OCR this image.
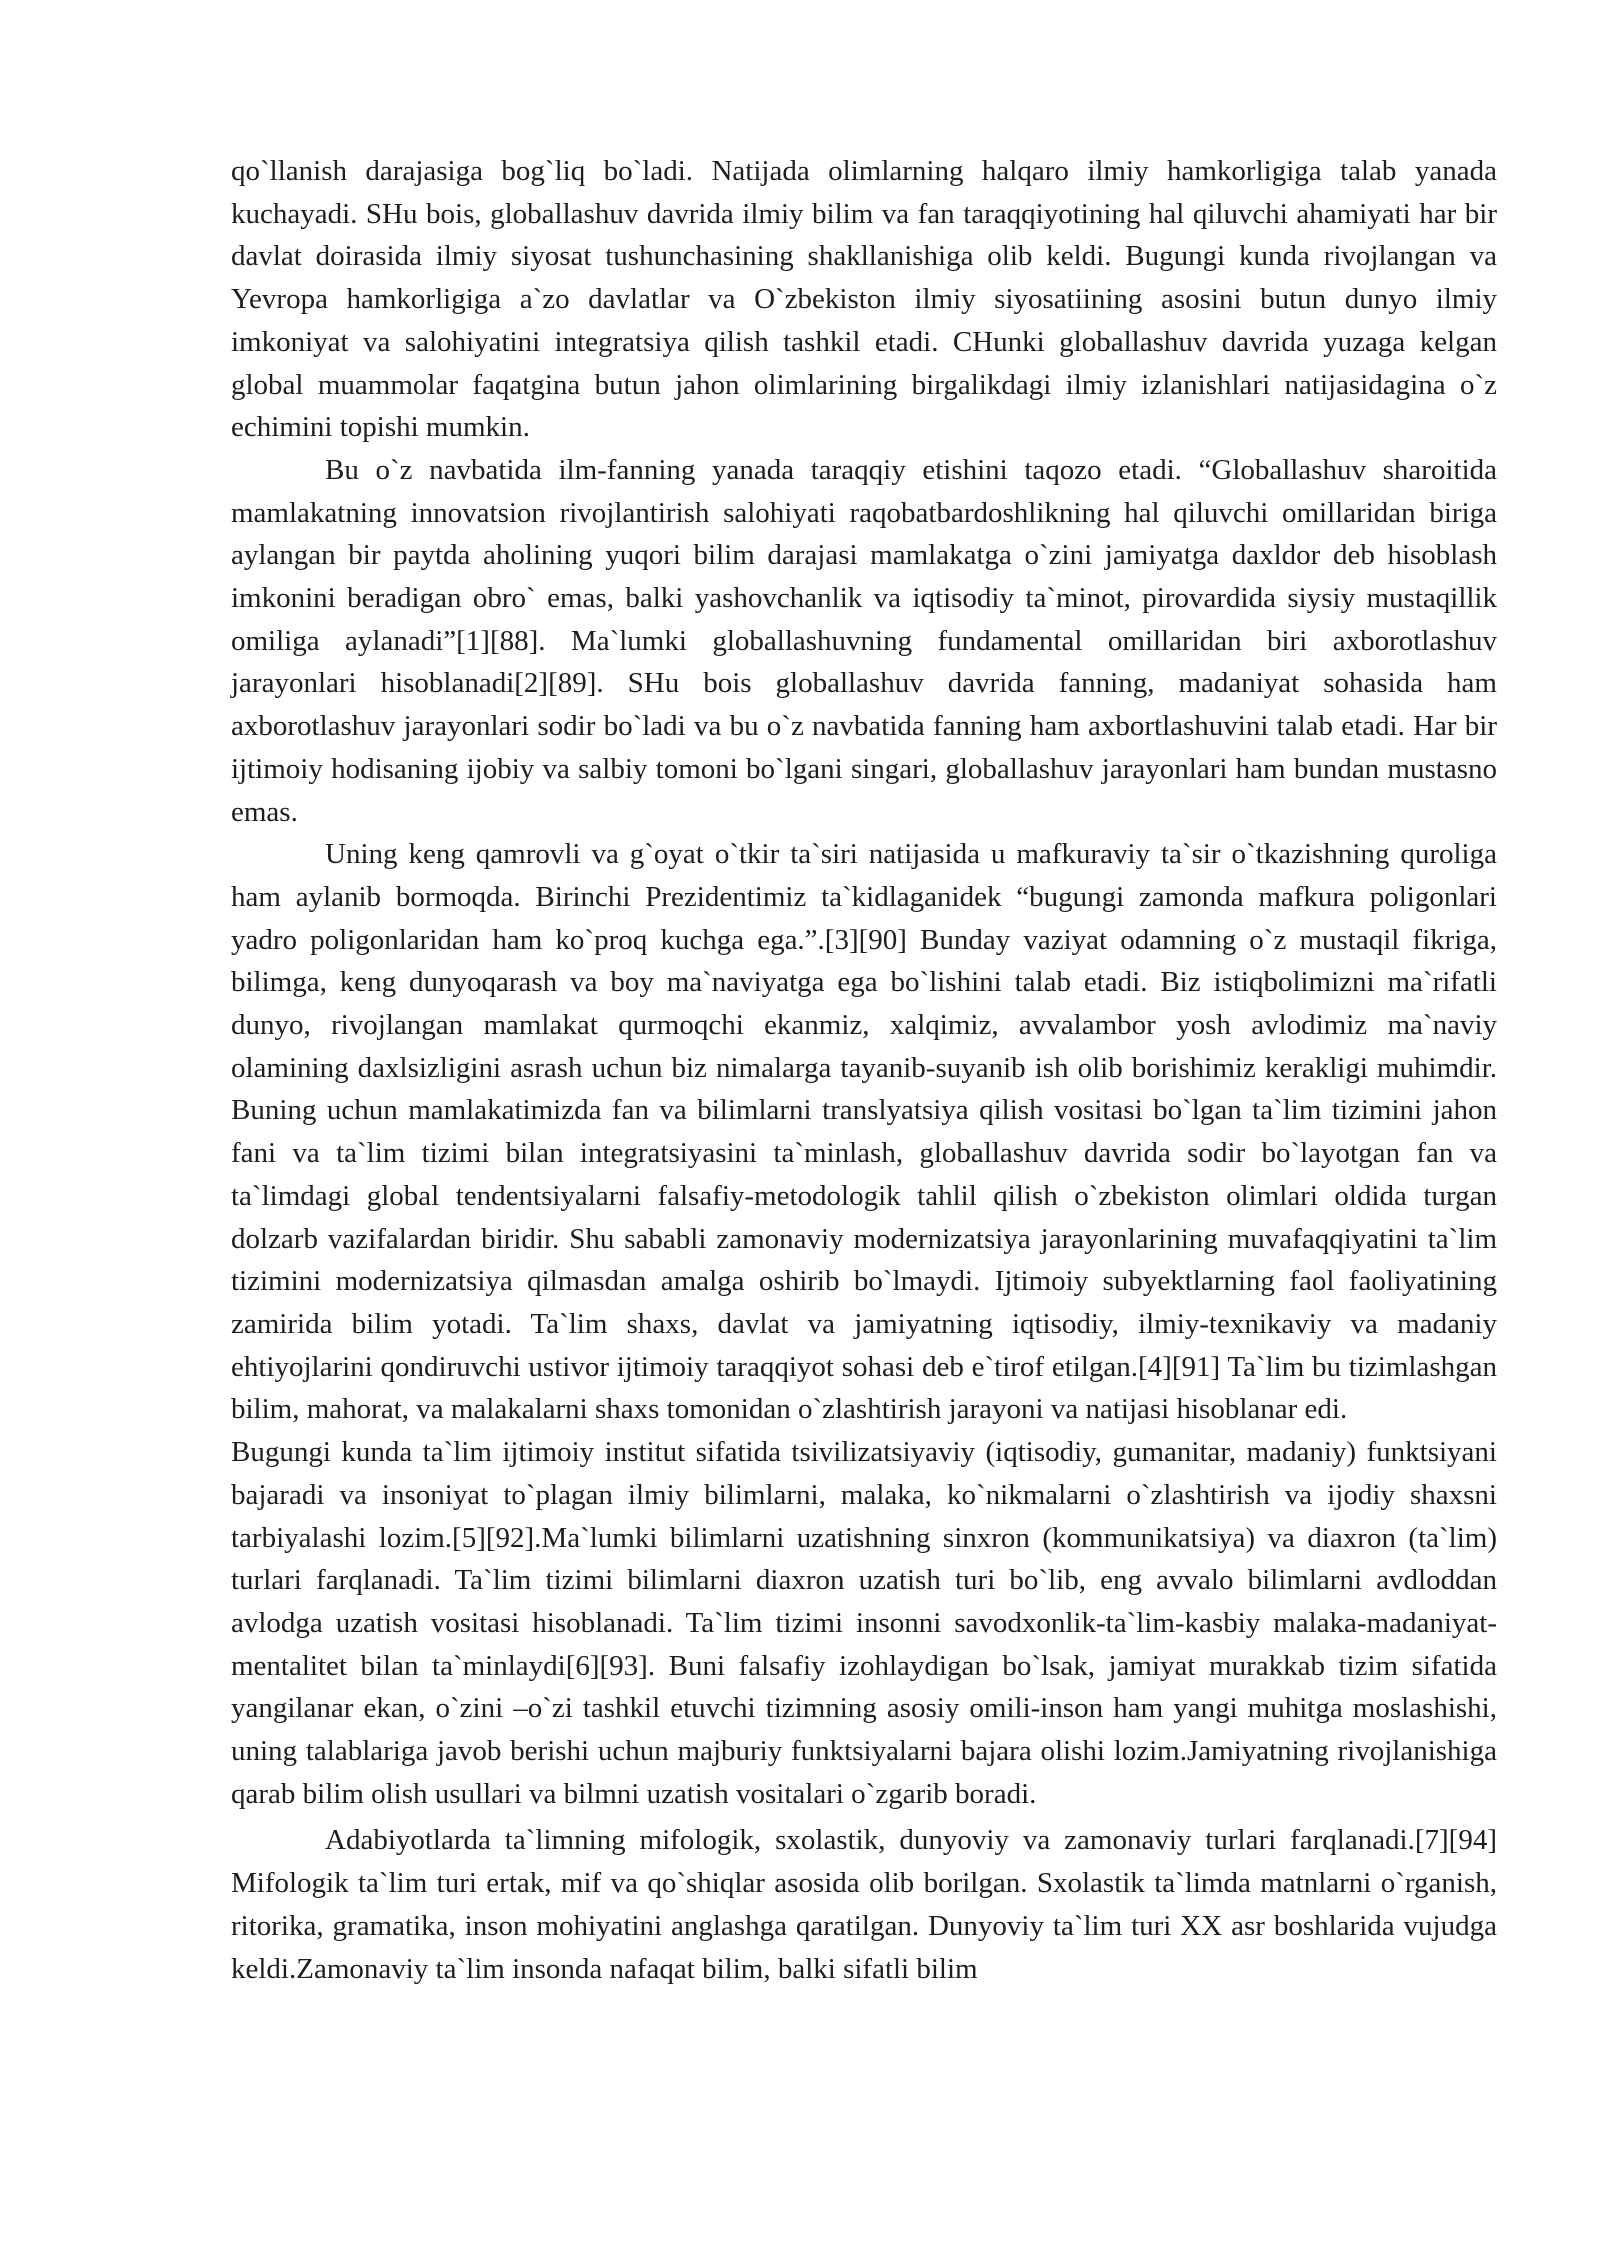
qo`llanish darajasiga bog`liq bo`ladi. Natijada olimlarning halqaro ilmiy hamkorligiga talab yanada kuchayadi. SHu bois, globallashuv davrida ilmiy bilim va fan taraqqiyotining hal qiluvchi ahamiyati har bir davlat doirasida ilmiy siyosat tushunchasining shakllanishiga olib keldi. Bugungi kunda rivojlangan va Yevropa hamkorligiga a`zo davlatlar va O`zbekiston ilmiy siyosatiining asosini butun dunyo ilmiy imkoniyat va salohiyatini integratsiya qilish tashkil etadi. CHunki globallashuv davrida yuzaga kelgan global muammolar faqatgina butun jahon olimlarining birgalikdagi ilmiy izlanishlari natijasidagina o`z echimini topishi mumkin.

Bu o`z navbatida ilm-fanning yanada taraqqiy etishini taqozo etadi. “Globallashuv sharoitida mamlakatning innovatsion rivojlantirish salohiyati raqobatbardoshlikning hal qiluvchi omillaridan biriga aylangan bir paytda aholining yuqori bilim darajasi mamlakatga o`zini jamiyatga daxldor deb hisoblash imkonini beradigan obro` emas, balki yashovchanlik va iqtisodiy ta`minot, pirovardida siysiy mustaqillik omiliga aylanadi”[1][88]. Ma`lumki globallashuvning fundamental omillaridan biri axborotlashuv jarayonlari hisoblanadi[2][89]. SHu bois globallashuv davrida fanning, madaniyat sohasida ham axborotlashuv jarayonlari sodir bo`ladi va bu o`z navbatida fanning ham axbortlashuvini talab etadi. Har bir ijtimoiy hodisaning ijobiy va salbiy tomoni bo`lgani singari, globallashuv jarayonlari ham bundan mustasno emas.

Uning keng qamrovli va g`oyat o`tkir ta`siri natijasida u mafkuraviy ta`sir o`tkazishning quroliga ham aylanib bormoqda. Birinchi Prezidentimiz ta`kidlaganidek “bugungi zamonda mafkura poligonlari yadro poligonlaridan ham ko`proq kuchga ega.”.[3][90] Bunday vaziyat odamning o`z mustaqil fikriga, bilimga, keng dunyoqarash va boy ma`naviyatga ega bo`lishini talab etadi. Biz istiqbolimizni ma`rifatli dunyo, rivojlangan mamlakat qurmoqchi ekanmiz, xalqimiz, avvalambor yosh avlodimiz ma`naviy olamining daxlsizligini asrash uchun biz nimalarga tayanib-suyanib ish olib borishimiz kerakligi muhimdir. Buning uchun mamlakatimizda fan va bilimlarni translyatsiya qilish vositasi bo`lgan ta`lim tizimini jahon fani va ta`lim tizimi bilan integratsiyasini ta`minlash, globallashuv davrida sodir bo`layotgan fan va ta`limdagi global tendentsiyalarni falsafiy-metodologik tahlil qilish o`zbekiston olimlari oldida turgan dolzarb vazifalardan biridir. Shu sababli zamonaviy modernizatsiya jarayonlarining muvafaqqiyatini ta`lim tizimini modernizatsiya qilmasdan amalga oshirib bo`lmaydi. Ijtimoiy subyektlarning faol faoliyatining zamirida bilim yotadi. Ta`lim shaxs, davlat va jamiyatning iqtisodiy, ilmiy-texnikaviy va madaniy ehtiyojlarini qondiruvchi ustivor ijtimoiy taraqqiyot sohasi deb e`tirof etilgan.[4][91] Ta`lim bu tizimlashgan bilim, mahorat, va malakalarni shaxs tomonidan o`zlashtirish jarayoni va natijasi hisoblanar edi.

Bugungi kunda ta`lim ijtimoiy institut sifatida tsivilizatsiyaviy (iqtisodiy, gumanitar, madaniy) funktsiyani bajaradi va insoniyat to`plagan ilmiy bilimlarni, malaka, ko`nikmalarni o`zlashtirish va ijodiy shaxsni tarbiyalashi lozim.[5][92].Ma`lumki bilimlarni uzatishning sinxron (kommunikatsiya) va diaxron (ta`lim) turlari farqlanadi. Ta`lim tizimi bilimlarni diaxron uzatish turi bo`lib, eng avvalo bilimlarni avdloddan avlodga uzatish vositasi hisoblanadi. Ta`lim tizimi insonni savodxonlik-ta`lim-kasbiy malaka-madaniyat-mentalitet bilan ta`minlaydi[6][93]. Buni falsafiy izohlaydigan bo`lsak, jamiyat murakkab tizim sifatida yangilanar ekan, o`zini –o`zi tashkil etuvchi tizimning asosiy omili-inson ham yangi muhitga moslashishi, uning talablariga javob berishi uchun majburiy funktsiyalarni bajara olishi lozim.Jamiyatning rivojlanishiga qarab bilim olish usullari va bilmni uzatish vositalari o`zgarib boradi.

Adabiyotlarda ta`limning mifologik, sxolastik, dunyoviy va zamonaviy turlari farqlanadi.[7][94] Mifologik ta`lim turi ertak, mif va qo`shiqlar asosida olib borilgan. Sxolastik ta`limda matnlarni o`rganish, ritorika, gramatika, inson mohiyatini anglashga qaratilgan. Dunyoviy ta`lim turi XX asr boshlarida vujudga keldi.Zamonaviy ta`lim insonda nafaqat bilim, balki sifatli bilim
